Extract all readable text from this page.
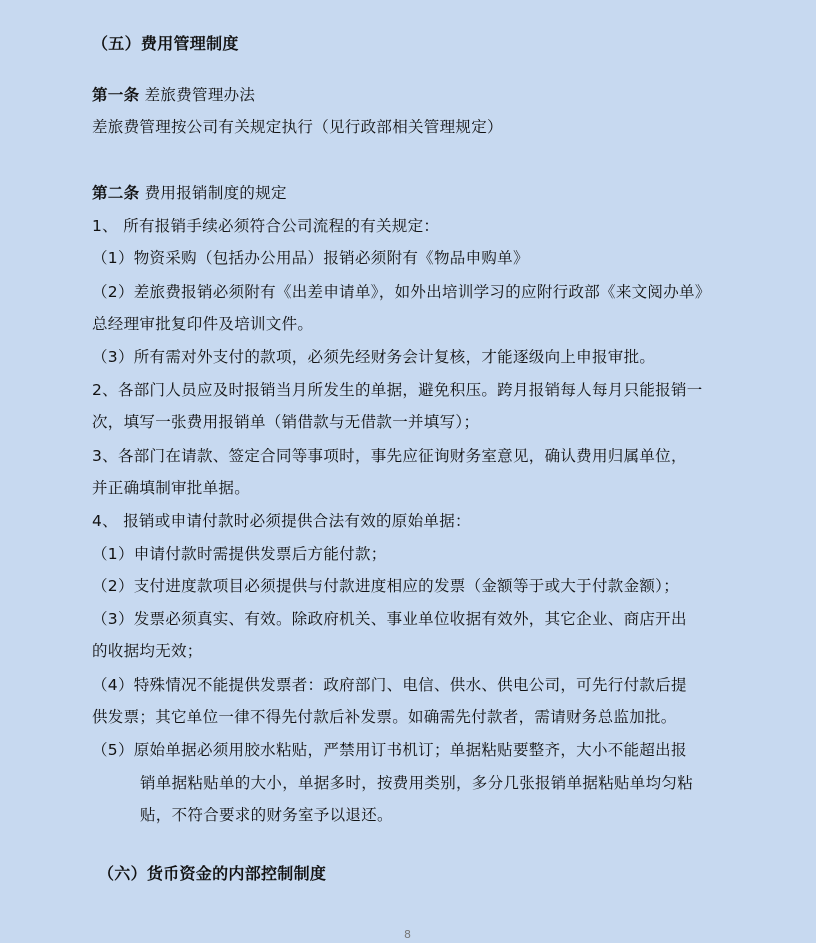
（五）费用管理制度
第一条 差旅费管理办法
差旅费管理按公司有关规定执行（见行政部相关管理规定）
第二条 费用报销制度的规定
1、 所有报销手续必须符合公司流程的有关规定：
（1）物资采购（包括办公用品）报销必须附有《物品申购单》
（2）差旅费报销必须附有《出差申请单》，如外出培训学习的应附行政部《来文阅办单》
总经理审批复印件及培训文件。
（3）所有需对外支付的款项，必须先经财务会计复核，才能逐级向上申报审批。
2、各部门人员应及时报销当月所发生的单据，避免积压。跨月报销每人每月只能报销一
次，填写一张费用报销单（销借款与无借款一并填写）；
3、各部门在请款、签定合同等事项时，事先应征询财务室意见，确认费用归属单位，
并正确填制审批单据。
4、 报销或申请付款时必须提供合法有效的原始单据：
（1）申请付款时需提供发票后方能付款；
（2）支付进度款项目必须提供与付款进度相应的发票（金额等于或大于付款金额）；
（3）发票必须真实、有效。除政府机关、事业单位收据有效外，其它企业、商店开出
的收据均无效；
（4）特殊情况不能提供发票者：政府部门、电信、供水、供电公司，可先行付款后提
供发票；其它单位一律不得先付款后补发票。如确需先付款者，需请财务总监加批。
（5）原始单据必须用胶水粘贴，严禁用订书机订；单据粘贴要整齐，大小不能超出报
销单据粘贴单的大小，单据多时，按费用类别，多分几张报销单据粘贴单均匀粘
贴，不符合要求的财务室予以退还。
（六）货币资金的内部控制制度
8
